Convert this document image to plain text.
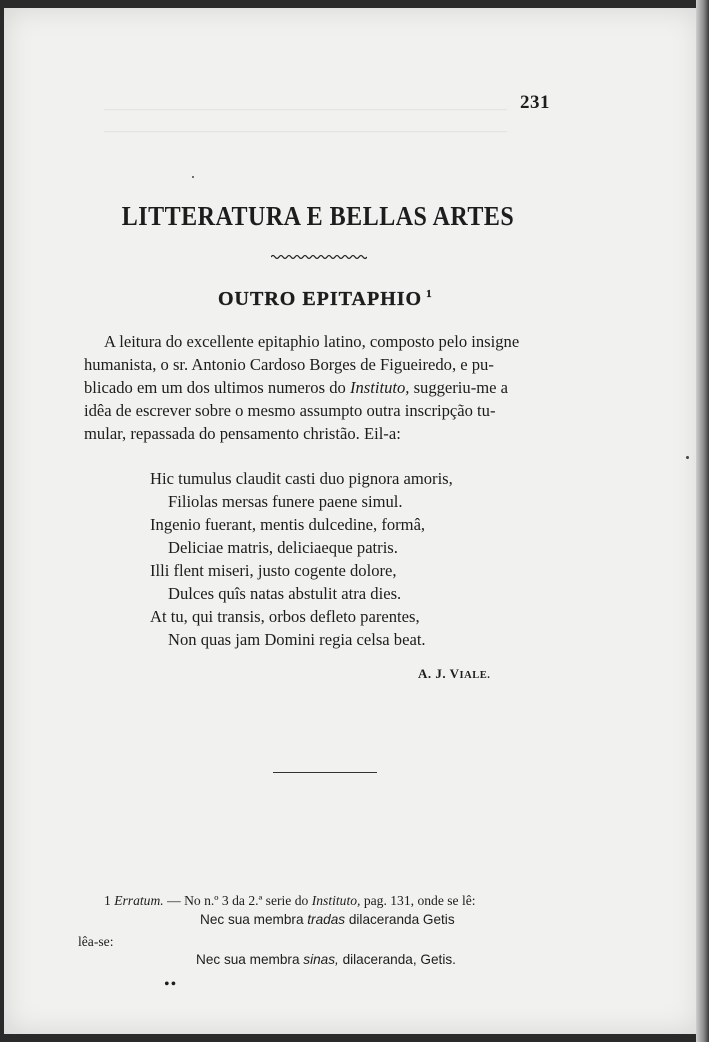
———————————————————————————————
———————————————————————————————
231
LITTERATURA E BELLAS ARTES
OUTRO EPITAPHIO $^1$
A leitura do excellente epitaphio latino, composto pelo insigne
humanista, o sr. Antonio Cardoso Borges de Figueiredo, e pu-
blicado em um dos ultimos numeros do Instituto, suggeriu-me a
idêa de escrever sobre o mesmo assumpto outra inscripção tu-
mular, repassada do pensamento christão. Eil-a:
Hic tumulus claudit casti duo pignora amoris,
Filiolas mersas funere paene simul.
Ingenio fuerant, mentis dulcedine, formâ,
Deliciae matris, deliciaeque patris.
Illi flent miseri, justo cogente dolore,
Dulces quîs natas abstulit atra dies.
At tu, qui transis, orbos defleto parentes,
Non quas jam Domini regia celsa beat.
A. J. VIALE.
1 Erratum. — No n.º 3 da 2.ª serie do Instituto, pag. 131, onde se lê:
Nec sua membra tradas dilaceranda Getis
lêa-se:
Nec sua membra sinas, dilaceranda, Getis.
••
